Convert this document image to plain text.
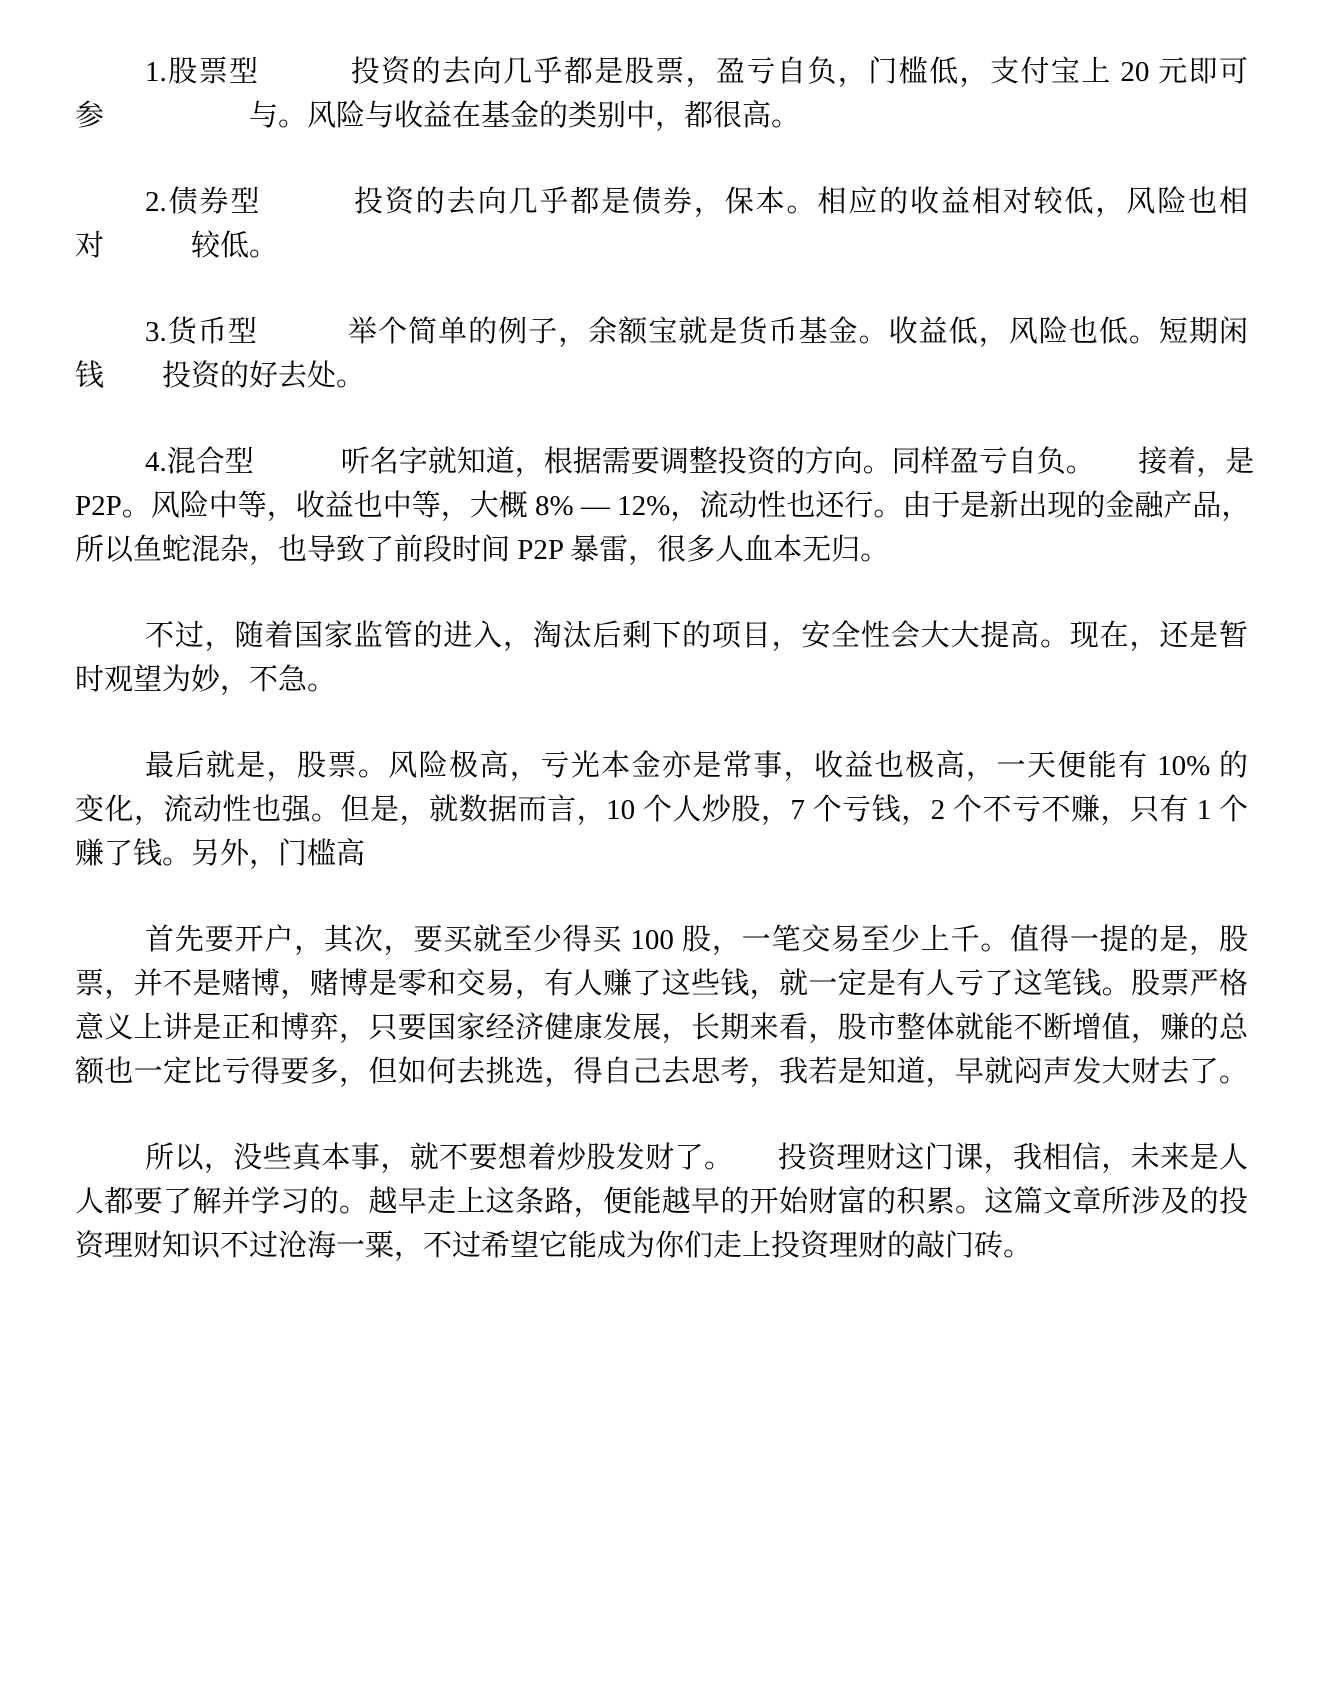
1.股票型　　　投资的去向几乎都是股票，盈亏自负，门槛低，支付宝上 20 元即可
参　　　　　与。风险与收益在基金的类别中，都很高。
2.债券型　　　投资的去向几乎都是债券，保本。相应的收益相对较低，风险也相
对　　　较低。
3.货币型　　　举个简单的例子，余额宝就是货币基金。收益低，风险也低。短期闲
钱　　投资的好去处。
4.混合型　　　听名字就知道，根据需要调整投资的方向。同样盈亏自负。　　接着，是
P2P。风险中等，收益也中等，大概 8% — 12%，流动性也还行。由于是新出现的金融产品，
所以鱼蛇混杂，也导致了前段时间 P2P 暴雷，很多人血本无归。
不过，随着国家监管的进入，淘汰后剩下的项目，安全性会大大提高。现在，还是暂
时观望为妙，不急。
最后就是，股票。风险极高，亏光本金亦是常事，收益也极高，一天便能有 10% 的
变化，流动性也强。但是，就数据而言，10 个人炒股，7 个亏钱，2 个不亏不赚，只有 1 个
赚了钱。另外，门槛高
首先要开户，其次，要买就至少得买 100 股，一笔交易至少上千。值得一提的是，股
票，并不是赌博，赌博是零和交易，有人赚了这些钱，就一定是有人亏了这笔钱。股票严格
意义上讲是正和博弈，只要国家经济健康发展，长期来看，股市整体就能不断增值，赚的总
额也一定比亏得要多，但如何去挑选，得自己去思考，我若是知道，早就闷声发大财去了。
所以，没些真本事，就不要想着炒股发财了。　　投资理财这门课，我相信，未来是人
人都要了解并学习的。越早走上这条路，便能越早的开始财富的积累。这篇文章所涉及的投
资理财知识不过沧海一粟，不过希望它能成为你们走上投资理财的敲门砖。
